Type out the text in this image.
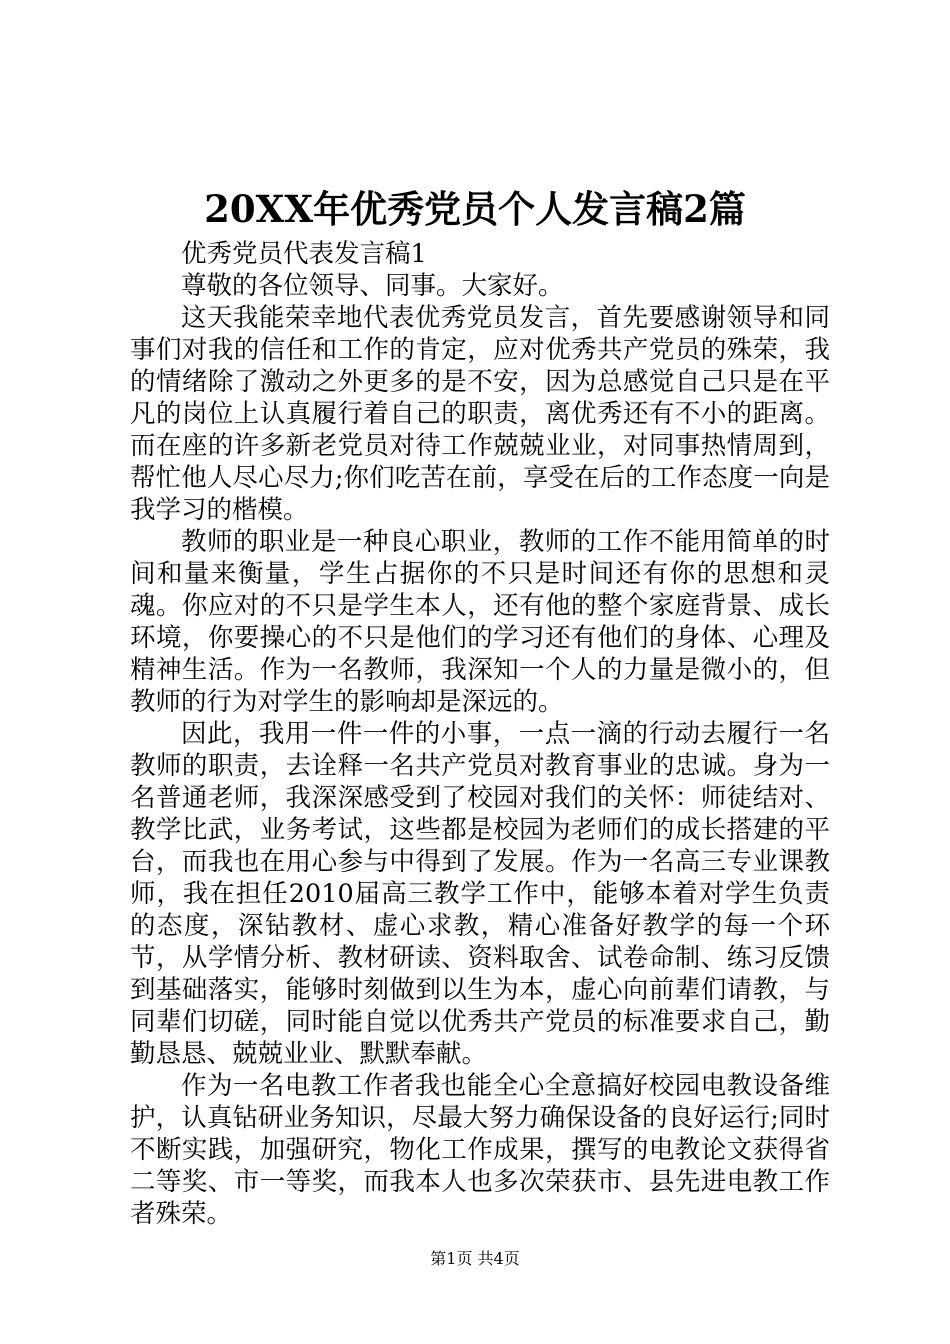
20XX年优秀党员个人发言稿2篇

优秀党员代表发言稿1

尊敬的各位领导、同事。大家好。

这天我能荣幸地代表优秀党员发言，首先要感谢领导和同事们对我的信任和工作的肯定，应对优秀共产党员的殊荣，我的情绪除了激动之外更多的是不安，因为总感觉自己只是在平凡的岗位上认真履行着自己的职责，离优秀还有不小的距离。而在座的许多新老党员对待工作兢兢业业，对同事热情周到，帮忙他人尽心尽力;你们吃苦在前，享受在后的工作态度一向是我学习的楷模。

教师的职业是一种良心职业，教师的工作不能用简单的时间和量来衡量，学生占据你的不只是时间还有你的思想和灵魂。你应对的不只是学生本人，还有他的整个家庭背景、成长环境，你要操心的不只是他们的学习还有他们的身体、心理及精神生活。作为一名教师，我深知一个人的力量是微小的，但教师的行为对学生的影响却是深远的。

因此，我用一件一件的小事，一点一滴的行动去履行一名教师的职责，去诠释一名共产党员对教育事业的忠诚。身为一名普通老师，我深深感受到了校园对我们的关怀：师徒结对、教学比武，业务考试，这些都是校园为老师们的成长搭建的平台，而我也在用心参与中得到了发展。作为一名高三专业课教师，我在担任2010届高三教学工作中，能够本着对学生负责的态度，深钻教材、虚心求教，精心准备好教学的每一个环节，从学情分析、教材研读、资料取舍、试卷命制、练习反馈到基础落实，能够时刻做到以生为本，虚心向前辈们请教，与同辈们切磋，同时能自觉以优秀共产党员的标准要求自己，勤勤恳恳、兢兢业业、默默奉献。

作为一名电教工作者我也能全心全意搞好校园电教设备维护，认真钻研业务知识，尽最大努力确保设备的良好运行;同时不断实践，加强研究，物化工作成果，撰写的电教论文获得省二等奖、市一等奖，而我本人也多次荣获市、县先进电教工作者殊荣。

第1页 共4页
